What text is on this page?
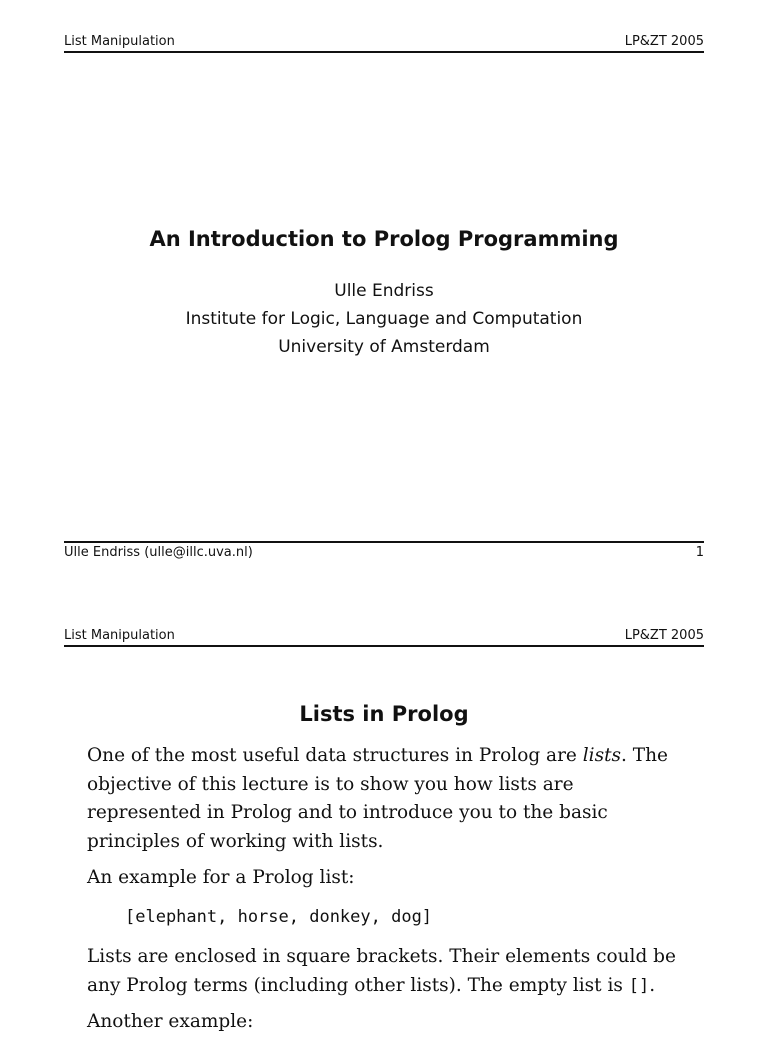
List Manipulation	LP&ZT 2005
An Introduction to Prolog Programming
Ulle Endriss
Institute for Logic, Language and Computation
University of Amsterdam
Ulle Endriss (ulle@illc.uva.nl)	1
List Manipulation	LP&ZT 2005
Lists in Prolog
One of the most useful data structures in Prolog are lists. The objective of this lecture is to show you how lists are represented in Prolog and to introduce you to the basic principles of working with lists.
An example for a Prolog list:
[elephant, horse, donkey, dog]
Lists are enclosed in square brackets. Their elements could be any Prolog terms (including other lists). The empty list is [].
Another example:
